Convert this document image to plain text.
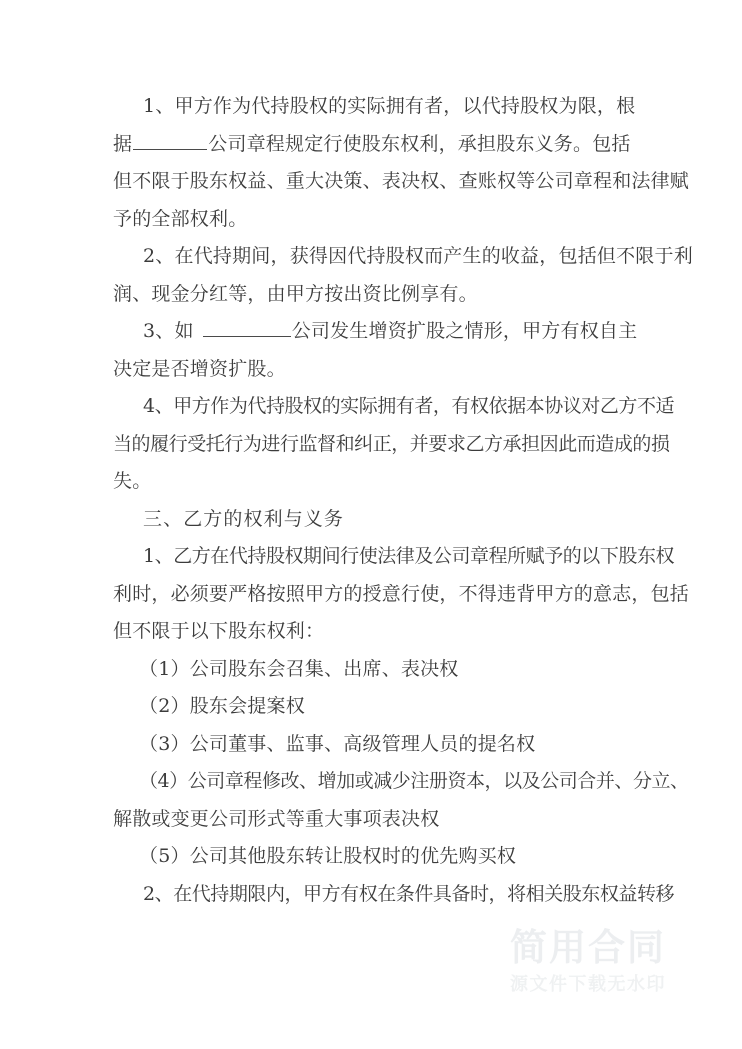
1、甲方作为代持股权的实际拥有者，以代持股权为限，根
据	公司章程规定行使股东权利，承担股东义务。包括
但不限于股东权益、重大决策、表决权、查账权等公司章程和法律赋
予的全部权利。
2、在代持期间，获得因代持股权而产生的收益，包括但不限于利
润、现金分红等，由甲方按出资比例享有。
3、如	公司发生增资扩股之情形，甲方有权自主
决定是否增资扩股。
4、甲方作为代持股权的实际拥有者，有权依据本协议对乙方不适
当的履行受托行为进行监督和纠正，并要求乙方承担因此而造成的损
失。
三、乙方的权利与义务
1、乙方在代持股权期间行使法律及公司章程所赋予的以下股东权
利时，必须要严格按照甲方的授意行使，不得违背甲方的意志，包括
但不限于以下股东权利：
（1）公司股东会召集、出席、表决权
（2）股东会提案权
（3）公司董事、监事、高级管理人员的提名权
（4）公司章程修改、增加或减少注册资本，以及公司合并、分立、
解散或变更公司形式等重大事项表决权
（5）公司其他股东转让股权时的优先购买权
2、在代持期限内，甲方有权在条件具备时，将相关股东权益转移
简用合同
源文件下载无水印
